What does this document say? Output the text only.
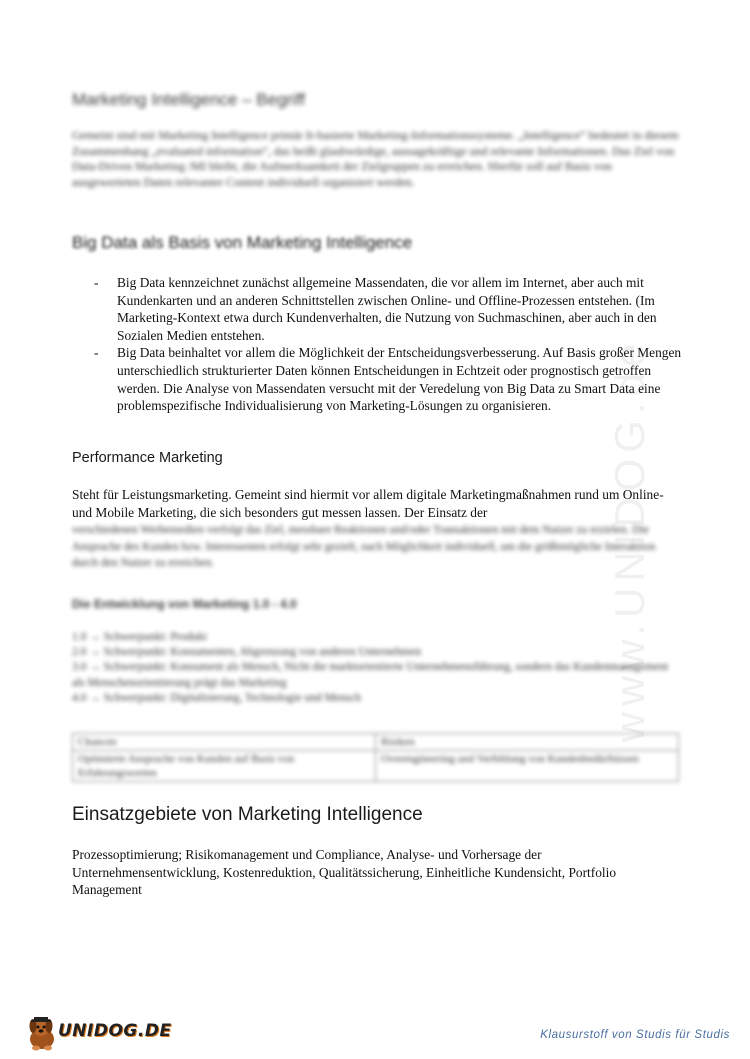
www.UNIDOG.de
Marketing Intelligence – Begriff

Gemeint sind mit Marketing Intelligence primär It-basierte Marketing-Informationssysteme. „Intelligence“ bedeutet in diesem Zusammenhang „evaluated information“, das heißt glaubwürdige, aussagekräftige und relevante Informationen. Das Ziel von Data-Driven Marketing /MI bleibt, die Aufmerksamkeit der Zielgruppen zu erreichen. Hierfür soll auf Basis von ausgewerteten Daten relevanter Content individuell organisiert werden.

Big Data als Basis von Marketing Intelligence
- Big Data kennzeichnet zunächst allgemeine Massendaten, die vor allem im Internet, aber auch mit Kundenkarten und an anderen Schnittstellen zwischen Online- und Offline-Prozessen entstehen. (Im Marketing-Kontext etwa durch Kundenverhalten, die Nutzung von Suchmaschinen, aber auch in den Sozialen Medien entstehen.
- Big Data beinhaltet vor allem die Möglichkeit der Entscheidungsverbesserung. Auf Basis großer Mengen unterschiedlich strukturierter Daten können Entscheidungen in Echtzeit oder prognostisch getroffen werden. Die Analyse von Massendaten versucht mit der Veredelung von Big Data zu Smart Data eine problemspezifische Individualisierung von Marketing-Lösungen zu organisieren.
Performance Marketing

Steht für Leistungsmarketing. Gemeint sind hiermit vor allem digitale Marketingmaßnahmen rund um Online- und Mobile Marketing, die sich besonders gut messen lassen. Der Einsatz der

verschiedenen Werbemedien verfolgt das Ziel, messbare Reaktionen und/oder Transaktionen mit dem Nutzer zu erzielen. Die Ansprache des Kunden bzw. Interessenten erfolgt sehr gezielt, nach Möglichkeit individuell, um die größtmögliche Interaktion durch den Nutzer zu erreichen.

Die Entwicklung von Marketing 1.0 - 4.0
1.0 → Schwerpunkt: Produkt
2.0 → Schwerpunkt: Konsumenten, Abgrenzung von anderen Unternehmen
3.0 → Schwerpunkt: Konsument als Mensch, Nicht die marktorientierte Unternehmensführung, sondern das Kundenmanagement als Menschenorientierung prägt das Marketing
4.0 → Schwerpunkt: Digitalisierung, Technologie und Mensch
Chancen	Risiken
Optimierte Ansprache von Kunden auf Basis von Erfahrungswerten	Overengineering und Verfehlung von Kundenbedürfnissen
Einsatzgebiete von Marketing Intelligence

Prozessoptimierung; Risikomanagement und Compliance, Analyse- und Vorhersage der Unternehmensentwicklung, Kostenreduktion, Qualitätssicherung, Einheitliche Kundensicht, Portfolio Management

UNIDOG.DE	Klausurstoff von Studis für Studis
